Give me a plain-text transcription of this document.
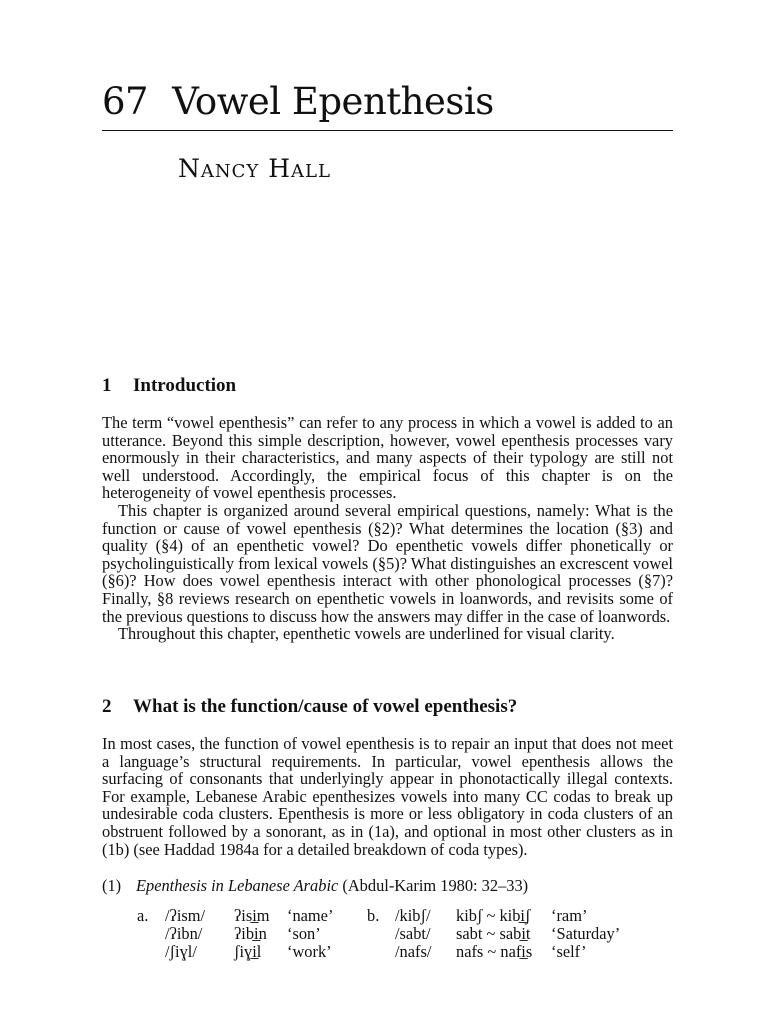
67 Vowel Epenthesis
Nancy Hall
1 Introduction

The term “vowel epenthesis” can refer to any process in which a vowel is added to an utterance. Beyond this simple description, however, vowel epenthesis processes vary enormously in their characteristics, and many aspects of their typology are still not well understood. Accordingly, the empirical focus of this chapter is on the heterogeneity of vowel epenthesis processes.

This chapter is organized around several empirical questions, namely: What is the function or cause of vowel epenthesis (§2)? What determines the location (§3) and quality (§4) of an epenthetic vowel? Do epenthetic vowels differ phonetically or psycholinguistically from lexical vowels (§5)? What distinguishes an excrescent vowel (§6)? How does vowel epenthesis interact with other phonological processes (§7)? Finally, §8 reviews research on epenthetic vowels in loanwords, and revisits some of the previous questions to discuss how the answers may differ in the case of loanwords.

Throughout this chapter, epenthetic vowels are underlined for visual clarity.

2 What is the function/cause of vowel epenthesis?

In most cases, the function of vowel epenthesis is to repair an input that does not meet a language’s structural requirements. In particular, vowel epenthesis allows the surfacing of consonants that underlyingly appear in phonotactically illegal contexts. For example, Lebanese Arabic epenthesizes vowels into many CC codas to break up undesirable coda clusters. Epenthesis is more or less obligatory in coda clusters of an obstruent followed by a sonorant, as in (1a), and optional in most other clusters as in (1b) (see Haddad 1984a for a detailed breakdown of coda types).

(1) Epenthesis in Lebanese Arabic (Abdul-Karim 1980: 32–33)
a. /ʔism/ ʔisi̲m ‘name’ b. /kibʃ/ kibʃ ~ kibi̲ʃ ‘ram’
/ʔibn/ ʔibi̲n ‘son’	/sabt/ sabt ~ sabi̲t ‘Saturday’
/ʃiɣl/ ʃiɣi̲l ‘work’	/nafs/ nafs ~ nafi̲s ‘self’
